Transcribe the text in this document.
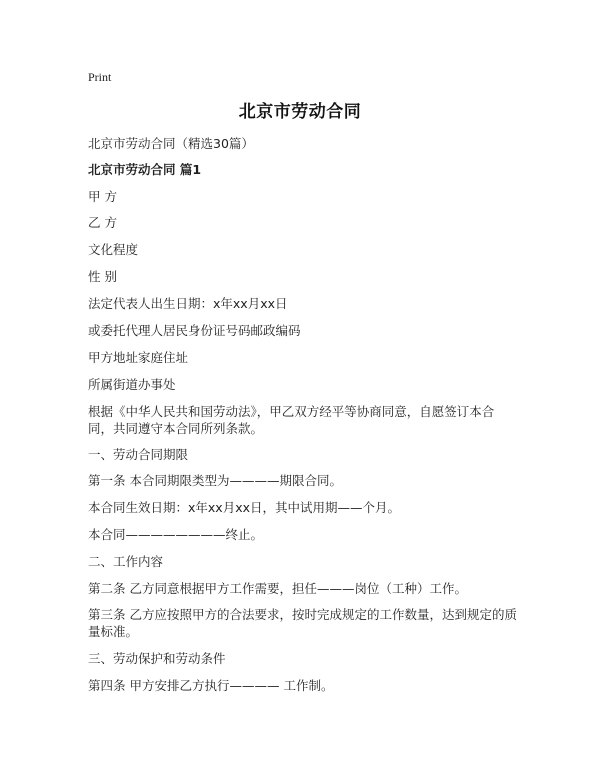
Print
北京市劳动合同
北京市劳动合同（精选30篇）
北京市劳动合同 篇1
甲 方
乙 方
文化程度
性 别
法定代表人出生日期：x年xx月xx日
或委托代理人居民身份证号码邮政编码
甲方地址家庭住址
所属街道办事处
根据《中华人民共和国劳动法》，甲乙双方经平等协商同意，自愿签订本合同，共同遵守本合同所列条款。
一、劳动合同期限
第一条 本合同期限类型为————期限合同。
本合同生效日期：x年xx月xx日，其中试用期——个月。
本合同————————终止。
二、工作内容
第二条 乙方同意根据甲方工作需要，担任———岗位（工种）工作。
第三条 乙方应按照甲方的合法要求，按时完成规定的工作数量，达到规定的质量标准。
三、劳动保护和劳动条件
第四条 甲方安排乙方执行———— 工作制。
